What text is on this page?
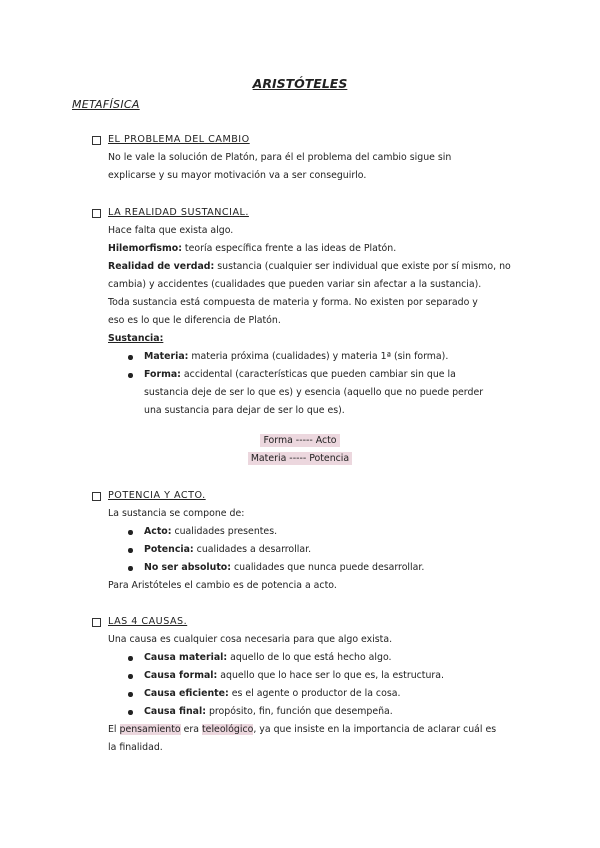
ARISTÓTELES
METAFÍSICA
EL PROBLEMA DEL CAMBIO
No le vale la solución de Platón, para él el problema del cambio sigue sin
explicarse y su mayor motivación va a ser conseguirlo.
LA REALIDAD SUSTANCIAL.
Hace falta que exista algo.
Hilemorfismo: teoría específica frente a las ideas de Platón.
Realidad de verdad: sustancia (cualquier ser individual que existe por sí mismo, no
cambia) y accidentes (cualidades que pueden variar sin afectar a la sustancia).
Toda sustancia está compuesta de materia y forma. No existen por separado y
eso es lo que le diferencia de Platón.
Sustancia:
Materia: materia próxima (cualidades) y materia 1ª (sin forma).
Forma: accidental (características que pueden cambiar sin que la
sustancia deje de ser lo que es) y esencia (aquello que no puede perder
una sustancia para dejar de ser lo que es).
Forma ----- Acto
Materia ----- Potencia
POTENCIA Y ACTO.
La sustancia se compone de:
Acto: cualidades presentes.
Potencia: cualidades a desarrollar.
No ser absoluto: cualidades que nunca puede desarrollar.
Para Aristóteles el cambio es de potencia a acto.
LAS 4 CAUSAS.
Una causa es cualquier cosa necesaria para que algo exista.
Causa material: aquello de lo que está hecho algo.
Causa formal: aquello que lo hace ser lo que es, la estructura.
Causa eficiente: es el agente o productor de la cosa.
Causa final: propósito, fin, función que desempeña.
El pensamiento era teleológico, ya que insiste en la importancia de aclarar cuál es
la finalidad.
